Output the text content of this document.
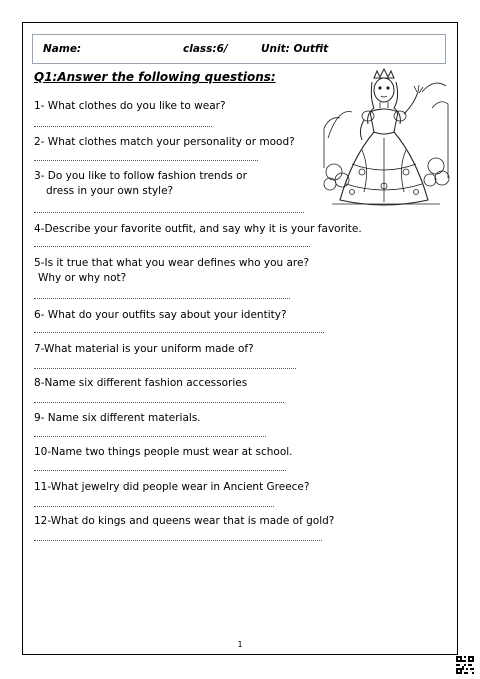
Name:	class:6/	Unit: Outfit
Q1:Answer the following questions:
1- What clothes do you like to wear?
2- What clothes match your personality or mood?
3- Do you like to follow fashion trends or
dress in your own style?
4-Describe your favorite outfit, and say why it is your favorite.
5-Is it true that what you wear defines who you are?
Why or why not?
6- What do your outfits say about your identity?
7-What material is your uniform made of?
8-Name six different fashion accessories
9- Name six different materials.
10-Name two things people must wear at school.
11-What jewelry did people wear in Ancient Greece?
12-What do kings and queens wear that is made of gold?
1
